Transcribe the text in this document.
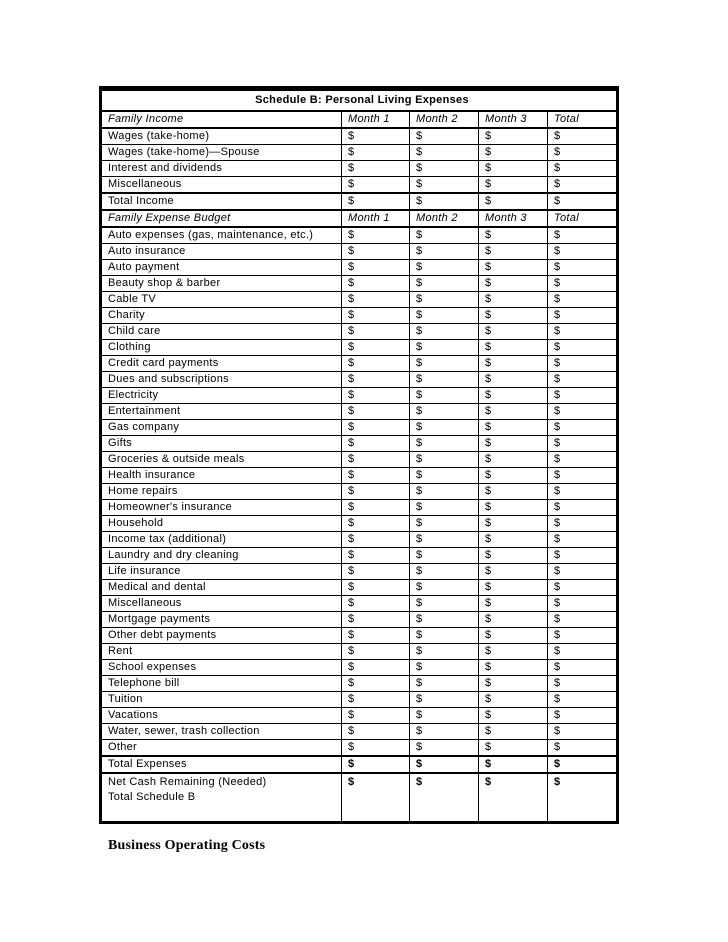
Schedule B: Personal Living Expenses				
Family Income	Month 1	Month 2	Month 3	Total
Wages (take-home)	$	$	$	$
Wages (take-home)—Spouse	$	$	$	$
Interest and dividends	$	$	$	$
Miscellaneous	$	$	$	$
Total Income	$	$	$	$
Family Expense Budget	Month 1	Month 2	Month 3	Total
Auto expenses (gas, maintenance, etc.)	$	$	$	$
Auto insurance	$	$	$	$
Auto payment	$	$	$	$
Beauty shop & barber	$	$	$	$
Cable TV	$	$	$	$
Charity	$	$	$	$
Child care	$	$	$	$
Clothing	$	$	$	$
Credit card payments	$	$	$	$
Dues and subscriptions	$	$	$	$
Electricity	$	$	$	$
Entertainment	$	$	$	$
Gas company	$	$	$	$
Gifts	$	$	$	$
Groceries & outside meals	$	$	$	$
Health insurance	$	$	$	$
Home repairs	$	$	$	$
Homeowner's insurance	$	$	$	$
Household	$	$	$	$
Income tax (additional)	$	$	$	$
Laundry and dry cleaning	$	$	$	$
Life insurance	$	$	$	$
Medical and dental	$	$	$	$
Miscellaneous	$	$	$	$
Mortgage payments	$	$	$	$
Other debt payments	$	$	$	$
Rent	$	$	$	$
School expenses	$	$	$	$
Telephone bill	$	$	$	$
Tuition	$	$	$	$
Vacations	$	$	$	$
Water, sewer, trash collection	$	$	$	$
Other	$	$	$	$
Total Expenses	$	$	$	$

Net Cash Remaining (Needed)
Total Schedule B	$	$	$	$
Business Operating Costs
